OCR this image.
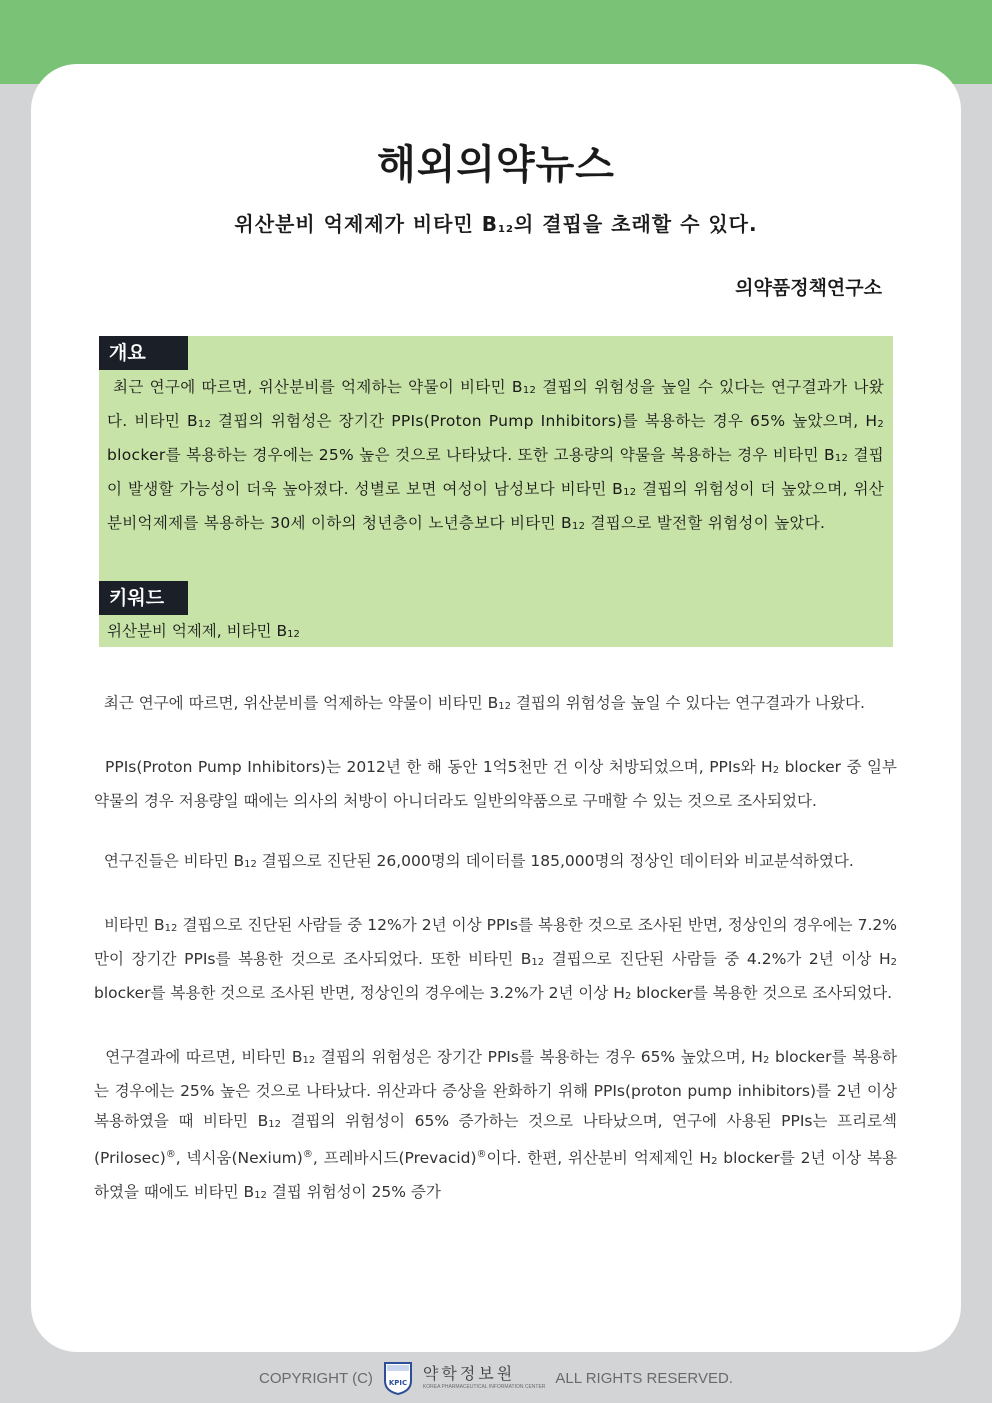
해외의약뉴스
위산분비 억제제가 비타민 $B_{12}$의 결핍을 초래할 수 있다.
의약품정책연구소
개요
최근 연구에 따르면, 위산분비를 억제하는 약물이 비타민 $B_{12}$ 결핍의 위험성을 높일 수 있다는 연구결과가 나왔다. 비타민 $B_{12}$ 결핍의 위험성은 장기간 PPIs(Proton Pump Inhibitors)를 복용하는 경우 65% 높았으며, $H_2$ blocker를 복용하는 경우에는 25% 높은 것으로 나타났다. 또한 고용량의 약물을 복용하는 경우 비타민 $B_{12}$ 결핍이 발생할 가능성이 더욱 높아졌다. 성별로 보면 여성이 남성보다 비타민 $B_{12}$ 결핍의 위험성이 더 높았으며, 위산분비억제제를 복용하는 30세 이하의 청년층이 노년층보다 비타민 $B_{12}$ 결핍으로 발전할 위험성이 높았다.
키워드
위산분비 억제제, 비타민 $B_{12}$

최근 연구에 따르면, 위산분비를 억제하는 약물이 비타민 $B_{12}$ 결핍의 위험성을 높일 수 있다는 연구결과가 나왔다.

PPIs(Proton Pump Inhibitors)는 2012년 한 해 동안 1억5천만 건 이상 처방되었으며, PPIs와 $H_2$ blocker 중 일부 약물의 경우 저용량일 때에는 의사의 처방이 아니더라도 일반의약품으로 구매할 수 있는 것으로 조사되었다.

연구진들은 비타민 $B_{12}$ 결핍으로 진단된 26,000명의 데이터를 185,000명의 정상인 데이터와 비교분석하였다.

비타민 $B_{12}$ 결핍으로 진단된 사람들 중 12%가 2년 이상 PPIs를 복용한 것으로 조사된 반면, 정상인의 경우에는 7.2%만이 장기간 PPIs를 복용한 것으로 조사되었다. 또한 비타민 $B_{12}$ 결핍으로 진단된 사람들 중 4.2%가 2년 이상 $H_2$ blocker를 복용한 것으로 조사된 반면, 정상인의 경우에는 3.2%가 2년 이상 $H_2$ blocker를 복용한 것으로 조사되었다.

연구결과에 따르면, 비타민 $B_{12}$ 결핍의 위험성은 장기간 PPIs를 복용하는 경우 65% 높았으며, $H_2$ blocker를 복용하는 경우에는 25% 높은 것으로 나타났다. 위산과다 증상을 완화하기 위해 PPIs(proton pump inhibitors)를 2년 이상 복용하였을 때 비타민 $B_{12}$ 결핍의 위험성이 65% 증가하는 것으로 나타났으며, 연구에 사용된 PPIs는 프리로섹(Prilosec)®, 넥시움(Nexium)®, 프레바시드(Prevacid)®이다. 한편, 위산분비 억제제인 $H_2$ blocker를 2년 이상 복용하였을 때에도 비타민 $B_{12}$ 결핍 위험성이 25% 증가

COPYRIGHT (C) KPIC 약학정보원
KOREA PHARMACEUTICAL INFORMATION CENTER
ALL RIGHTS RESERVED.
